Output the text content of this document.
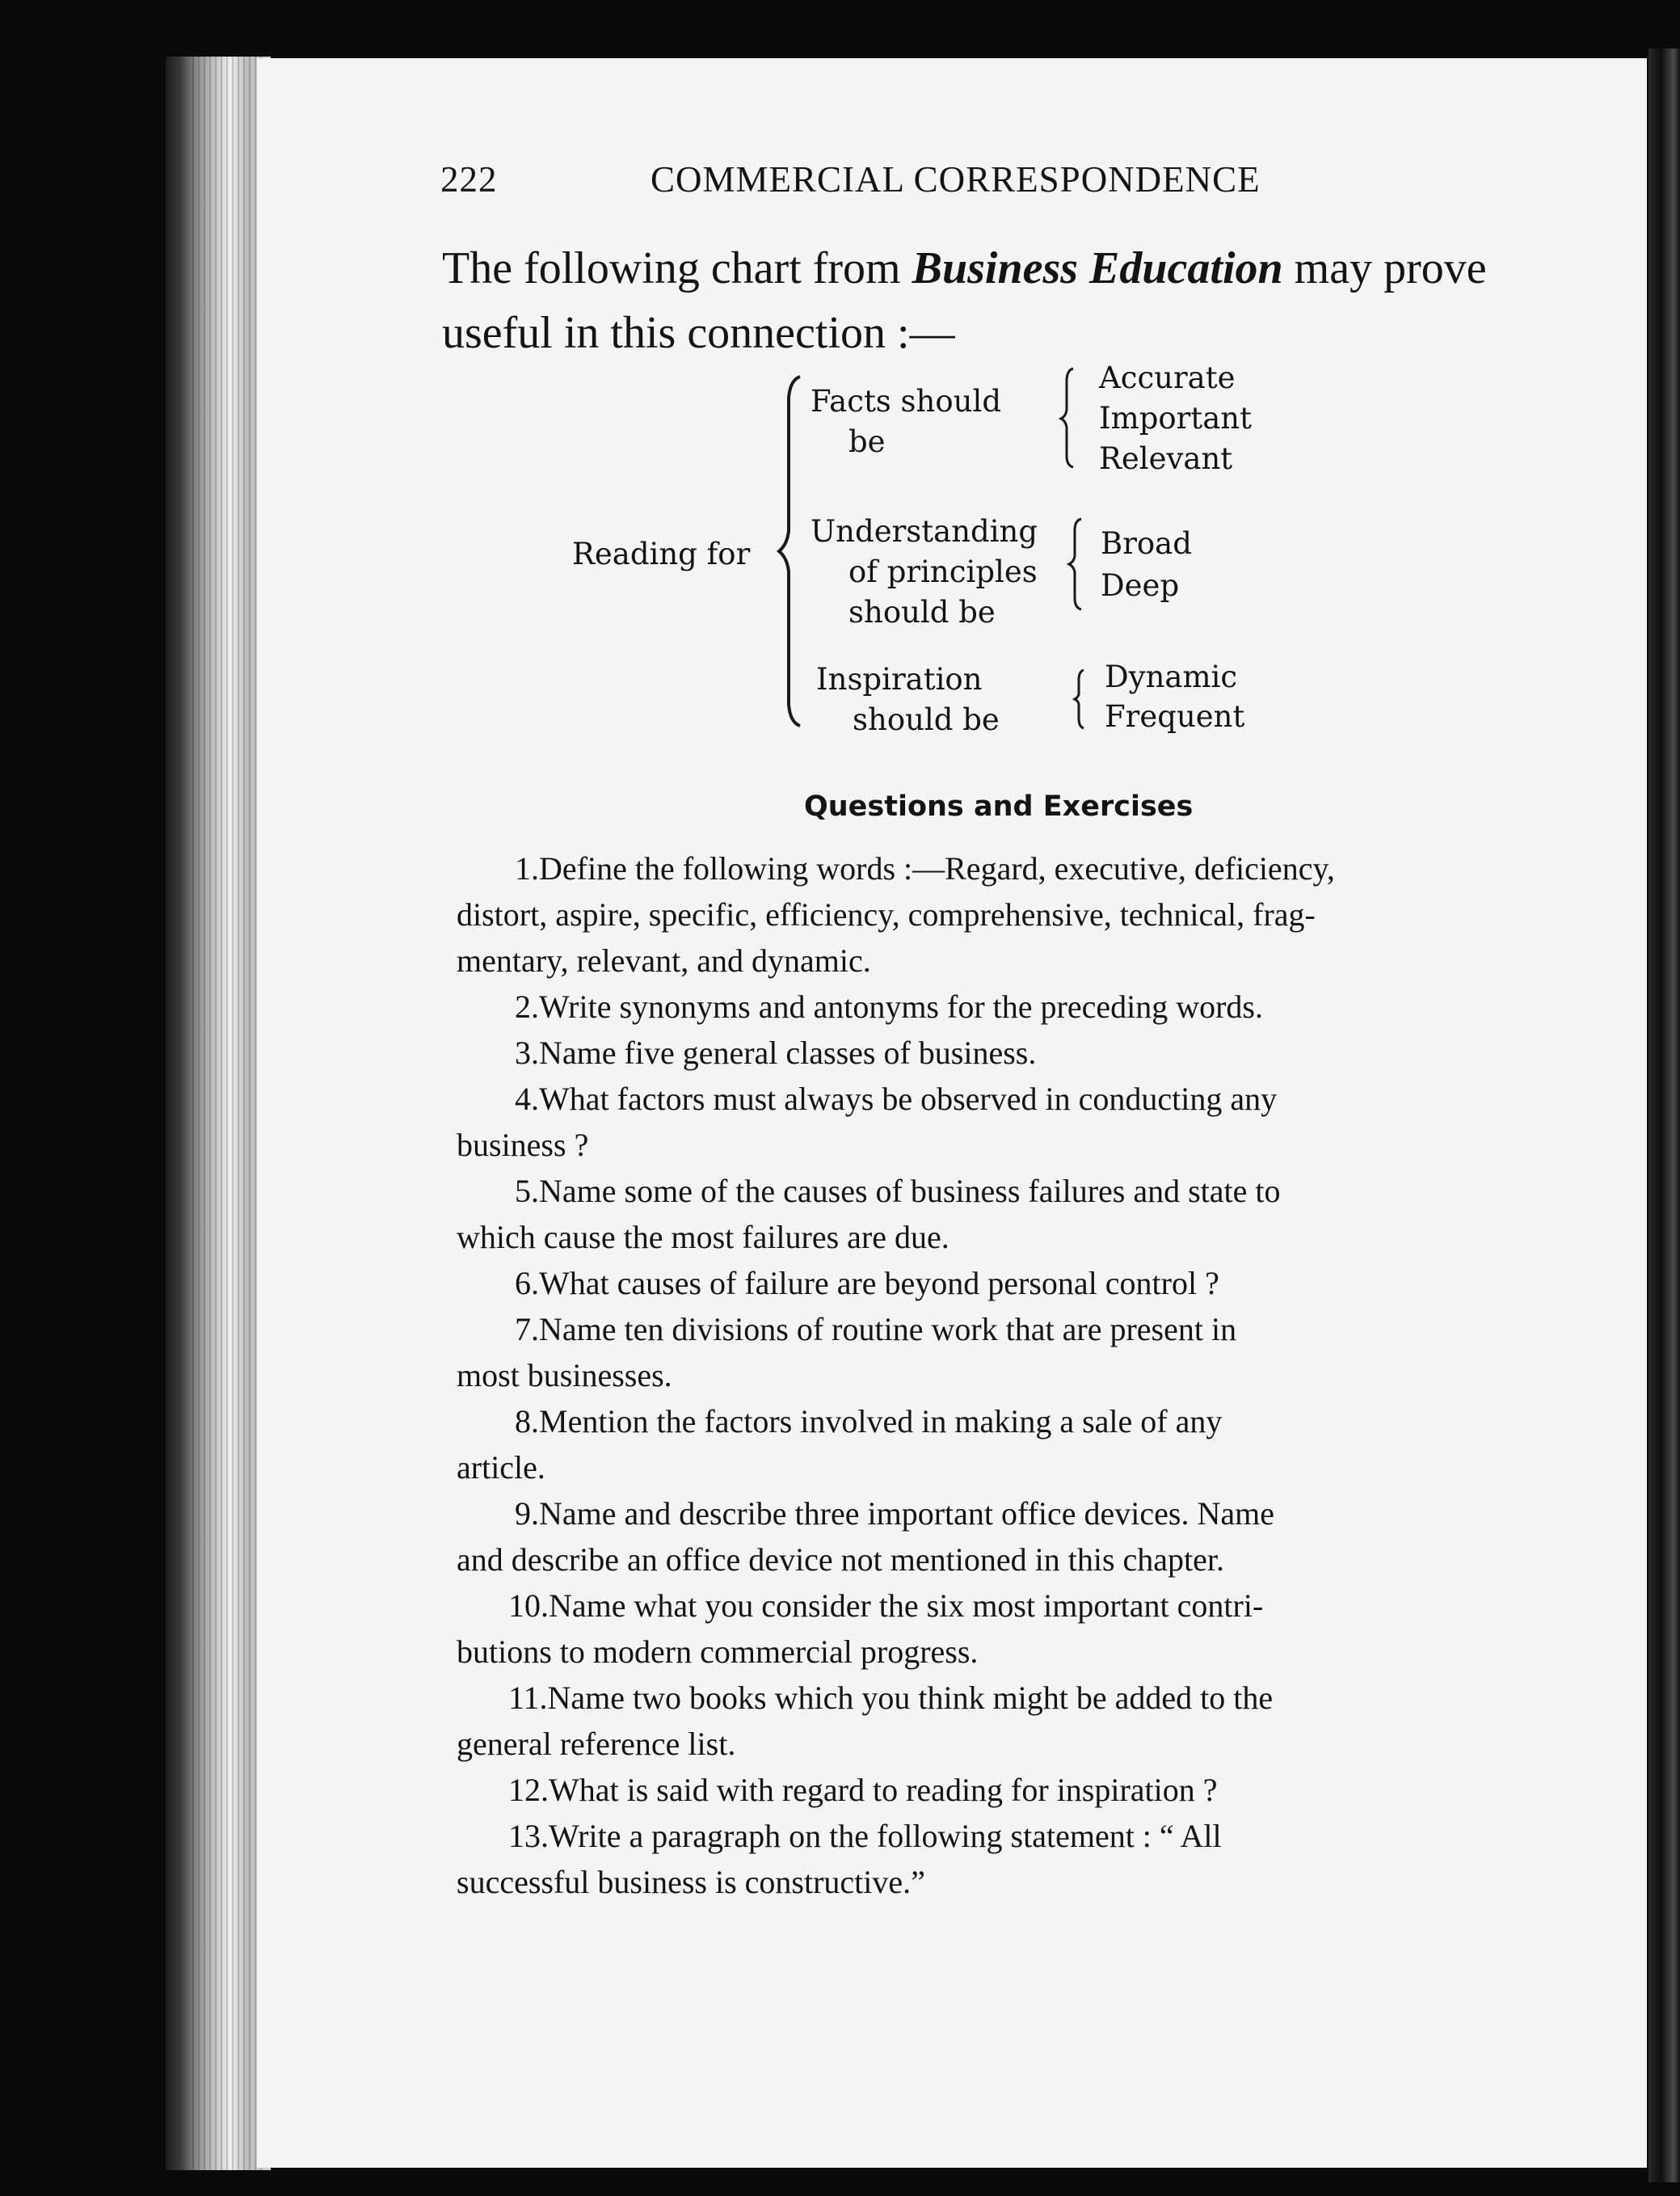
222	COMMERCIAL CORRESPONDENCE
The following chart from Business Education may prove
useful in this connection :—
Reading for
Facts should
be
Accurate
Important
Relevant
Understanding
of principles
should be
Broad
Deep
Inspiration
should be
Dynamic
Frequent
Questions and Exercises
1.Define the following words :—Regard, executive, deficiency,
distort, aspire, specific, efficiency, comprehensive, technical, frag-
mentary, relevant, and dynamic.
2.Write synonyms and antonyms for the preceding words.
3.Name five general classes of business.
4.What factors must always be observed in conducting any
business ?
5.Name some of the causes of business failures and state to
which cause the most failures are due.
6.What causes of failure are beyond personal control ?
7.Name ten divisions of routine work that are present in
most businesses.
8.Mention the factors involved in making a sale of any
article.
9.Name and describe three important office devices. Name
and describe an office device not mentioned in this chapter.
10.Name what you consider the six most important contri-
butions to modern commercial progress.
11.Name two books which you think might be added to the
general reference list.
12.What is said with regard to reading for inspiration ?
13.Write a paragraph on the following statement : “ All
successful business is constructive.”
